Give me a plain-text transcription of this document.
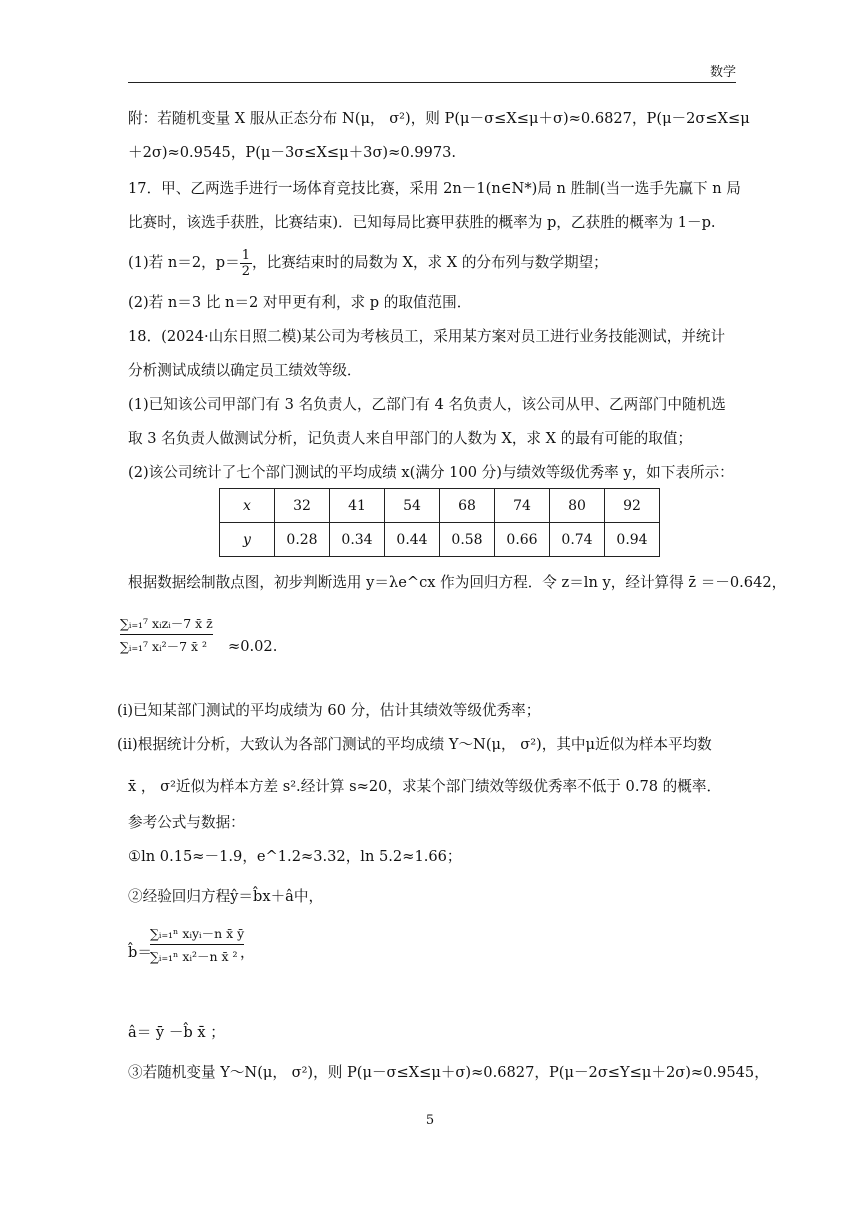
数学
附：若随机变量 X 服从正态分布 N(μ， σ²)，则 P(μ－σ≤X≤μ＋σ)≈0.6827，P(μ－2σ≤X≤μ
＋2σ)≈0.9545，P(μ－3σ≤X≤μ＋3σ)≈0.9973.
17．甲、乙两选手进行一场体育竞技比赛，采用 2n－1(n∈N*)局 n 胜制(当一选手先赢下 n 局
比赛时，该选手获胜，比赛结束)．已知每局比赛甲获胜的概率为 p，乙获胜的概率为 1－p.
(1)若 n＝2，$p= \frac{1}{2}$ ，比赛结束时的局数为 X，求 X 的分布列与数学期望；
(2)若 n＝3 比 n＝2 对甲更有利，求 p 的取值范围．
18．(2024·山东日照二模)某公司为考核员工，采用某方案对员工进行业务技能测试，并统计
分析测试成绩以确定员工绩效等级．
(1)已知该公司甲部门有 3 名负责人，乙部门有 4 名负责人，该公司从甲、乙两部门中随机选
取 3 名负责人做测试分析，记负责人来自甲部门的人数为 X，求 X 的最有可能的取值；
(2)该公司统计了七个部门测试的平均成绩 x(满分 100 分)与绩效等级优秀率 y，如下表所示：
x	32	41	54	68	74	80	92
y	0.28	0.34	0.44	0.58	0.66	0.74	0.94
根据数据绘制散点图，初步判断选用 y＝λe^cx 作为回归方程．令 z＝ln y，经计算得 z̄ ＝－0.642，
∑ᵢ₌₁⁷ xᵢzᵢ－7 x̄ z̄
∑ᵢ₌₁⁷ xᵢ²－7 x̄ ²	≈0.02.
(ⅰ)已知某部门测试的平均成绩为 60 分，估计其绩效等级优秀率；
(ⅱ)根据统计分析，大致认为各部门测试的平均成绩 Y～N(μ， σ²)，其中μ近似为样本平均数
x̄ ， σ²近似为样本方差 s².经计算 s≈20，求某个部门绩效等级优秀率不低于 0.78 的概率．
参考公式与数据：
①ln 0.15≈－1.9，e^1.2≈3.32，ln 5.2≈1.66；
②经验回归方程ŷ＝b̂x＋â中，
b̂＝
∑ᵢ₌₁ⁿ xᵢyᵢ－n x̄ ȳ
∑ᵢ₌₁ⁿ xᵢ²－n x̄ ² ，
â＝ ȳ －b̂ x̄ ；
③若随机变量 Y～N(μ， σ²)，则 P(μ－σ≤X≤μ＋σ)≈0.6827，P(μ－2σ≤Y≤μ＋2σ)≈0.9545，
5
